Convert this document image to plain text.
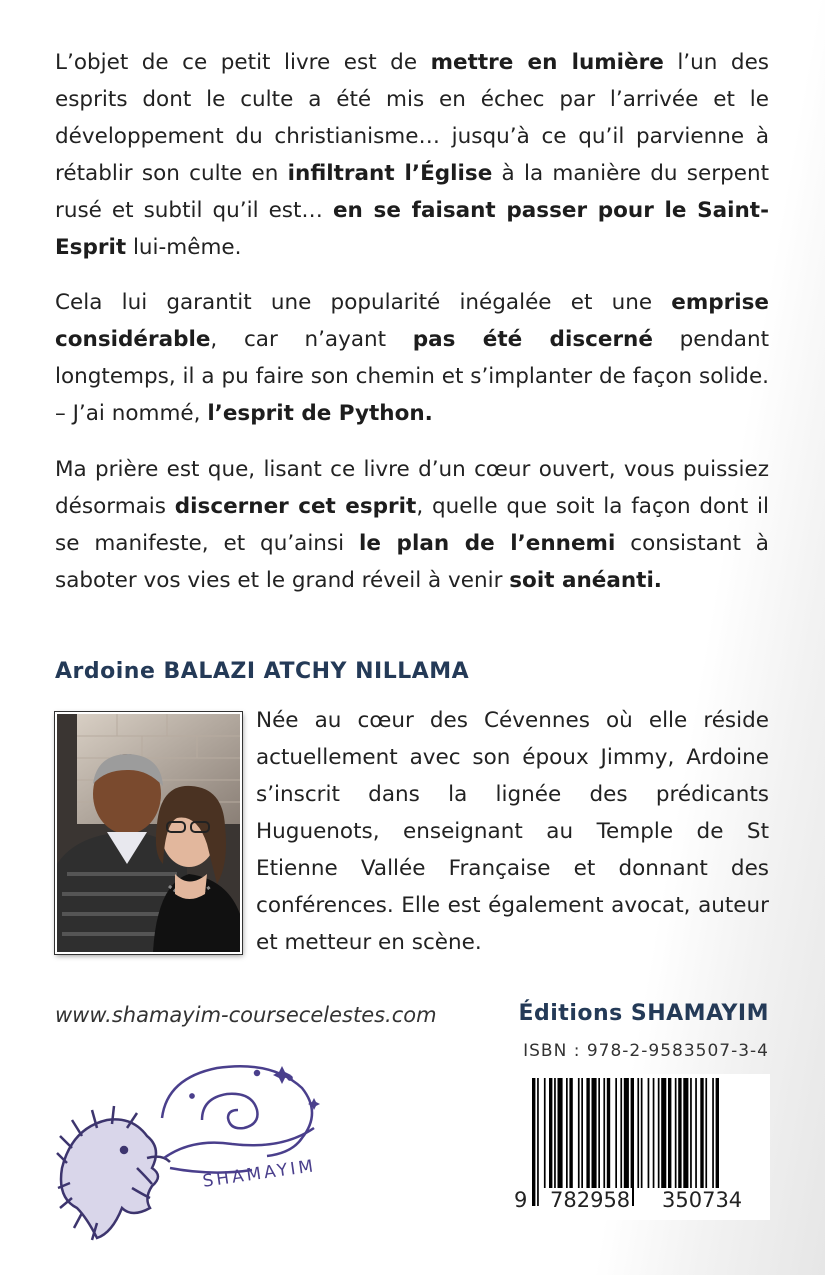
L’objet de ce petit livre est de mettre en lumière l’un des esprits dont le culte a été mis en échec par l’arrivée et le développement du christianisme… jusqu’à ce qu’il parvienne à rétablir son culte en infiltrant l’Église à la manière du serpent rusé et subtil qu’il est… en se faisant passer pour le Saint-Esprit lui-même.
Cela lui garantit une popularité inégalée et une emprise considérable, car n’ayant pas été discerné pendant longtemps, il a pu faire son chemin et s’implanter de façon solide. – J’ai nommé, l’esprit de Python.
Ma prière est que, lisant ce livre d’un cœur ouvert, vous puissiez désormais discerner cet esprit, quelle que soit la façon dont il se manifeste, et qu’ainsi le plan de l’ennemi consistant à saboter vos vies et le grand réveil à venir soit anéanti.
Ardoine BALAZI ATCHY NILLAMA
Née au cœur des Cévennes où elle réside actuellement avec son époux Jimmy, Ardoine s’inscrit dans la lignée des prédicants Huguenots, enseignant au Temple de St Etienne Vallée Française et donnant des conférences. Elle est également avocat, auteur et metteur en scène.
www.shamayim-coursecelestes.com	Éditions SHAMAYIM
ISBN : 978-2-9583507-3-4
9 782958 350734
SHAMAYIM
